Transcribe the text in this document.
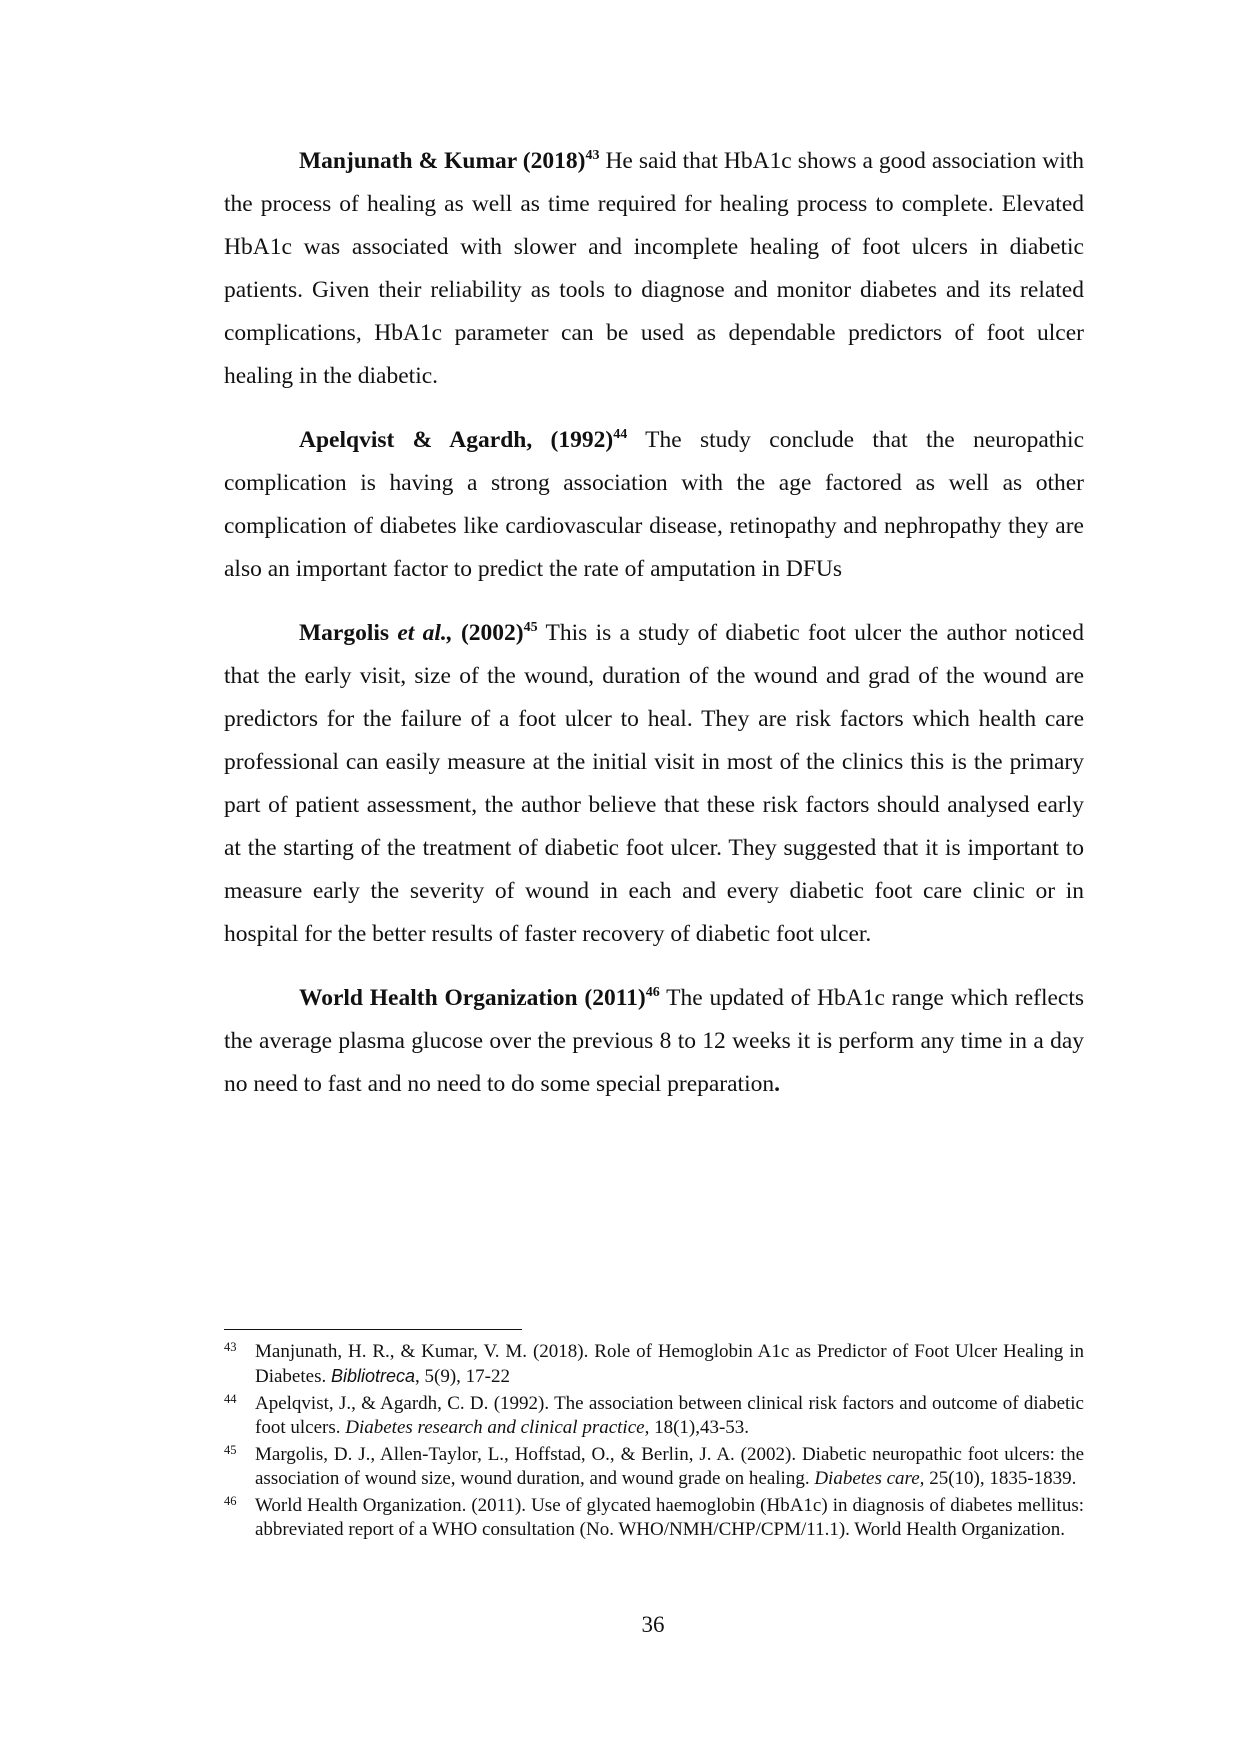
Manjunath & Kumar (2018)$^{43}$ He said that HbA1c shows a good association with the process of healing as well as time required for healing process to complete. Elevated HbA1c was associated with slower and incomplete healing of foot ulcers in diabetic patients. Given their reliability as tools to diagnose and monitor diabetes and its related complications, HbA1c parameter can be used as dependable predictors of foot ulcer healing in the diabetic.

Apelqvist & Agardh, (1992)$^{44}$ The study conclude that the neuropathic complication is having a strong association with the age factored as well as other complication of diabetes like cardiovascular disease, retinopathy and nephropathy they are also an important factor to predict the rate of amputation in DFUs

Margolis et al., (2002)$^{45}$ This is a study of diabetic foot ulcer the author noticed that the early visit, size of the wound, duration of the wound and grad of the wound are predictors for the failure of a foot ulcer to heal. They are risk factors which health care professional can easily measure at the initial visit in most of the clinics this is the primary part of patient assessment, the author believe that these risk factors should analysed early at the starting of the treatment of diabetic foot ulcer. They suggested that it is important to measure early the severity of wound in each and every diabetic foot care clinic or in hospital for the better results of faster recovery of diabetic foot ulcer.

World Health Organization (2011)$^{46}$ The updated of HbA1c range which reflects the average plasma glucose over the previous 8 to 12 weeks it is perform any time in a day no need to fast and no need to do some special preparation.

43 Manjunath, H. R., & Kumar, V. M. (2018). Role of Hemoglobin A1c as Predictor of Foot Ulcer Healing in Diabetes. Bibliotreca, 5(9), 17-22
44 Apelqvist, J., & Agardh, C. D. (1992). The association between clinical risk factors and outcome of diabetic foot ulcers. Diabetes research and clinical practice, 18(1),43-53.
45 Margolis, D. J., Allen-Taylor, L., Hoffstad, O., & Berlin, J. A. (2002). Diabetic neuropathic foot ulcers: the association of wound size, wound duration, and wound grade on healing. Diabetes care, 25(10), 1835-1839.
46 World Health Organization. (2011). Use of glycated haemoglobin (HbA1c) in diagnosis of diabetes mellitus: abbreviated report of a WHO consultation (No. WHO/NMH/CHP/CPM/11.1). World Health Organization.
36
